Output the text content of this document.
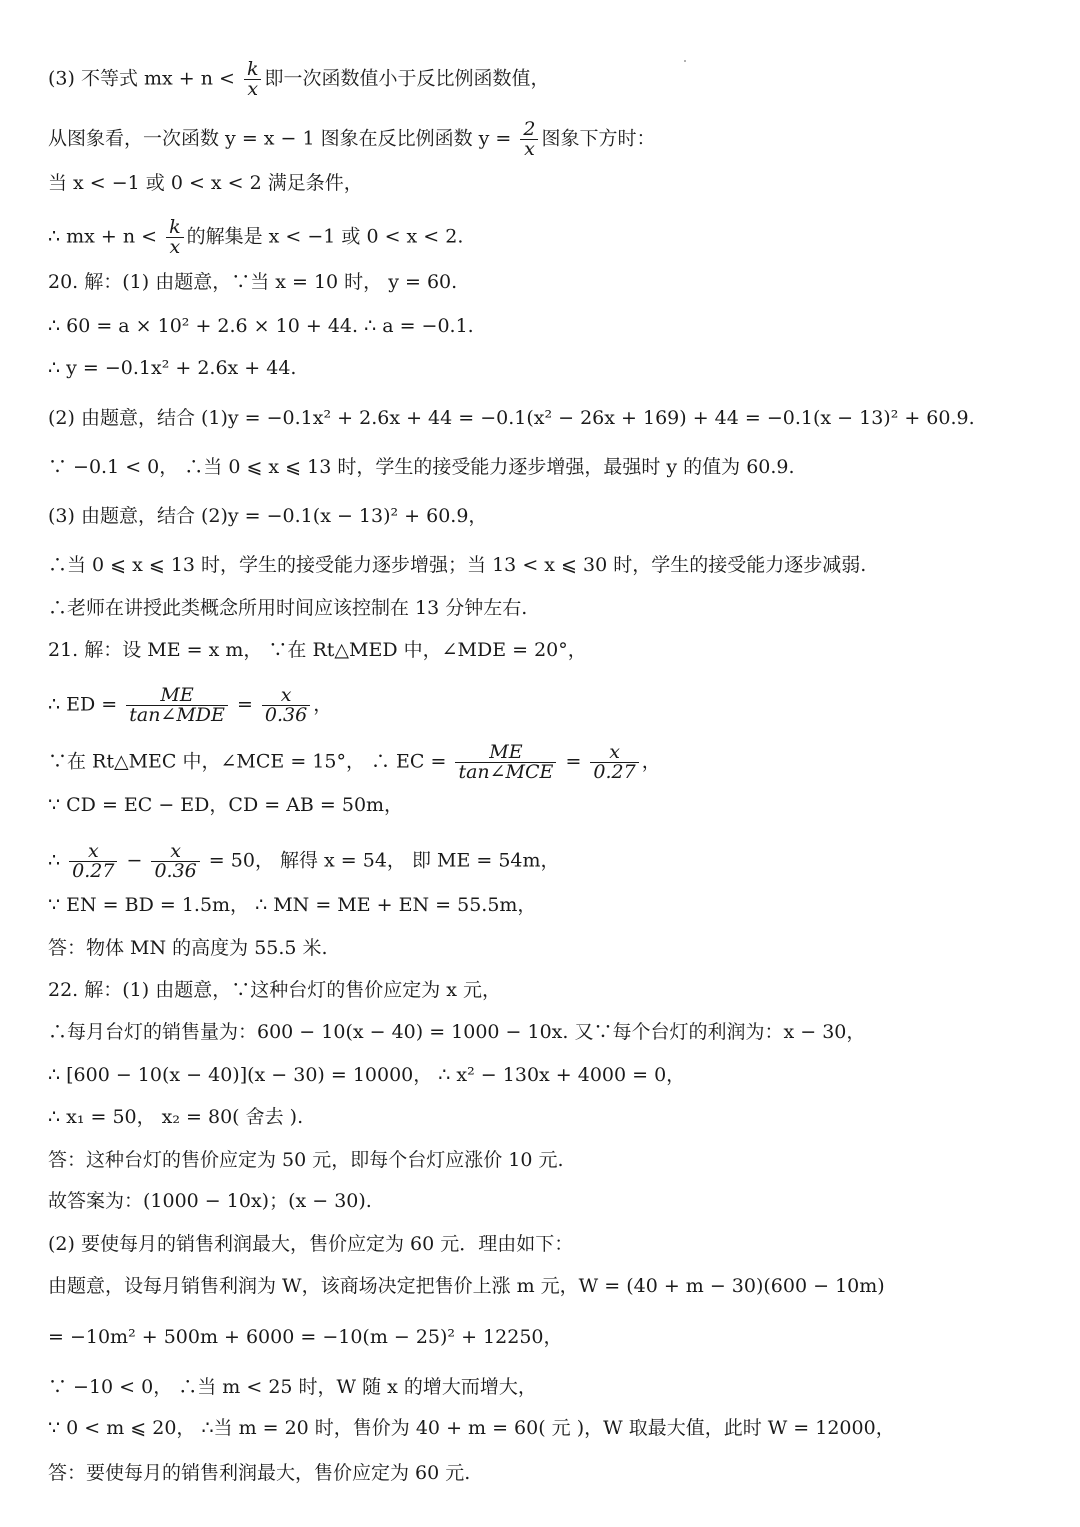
(3) 不等式 mx + $n < \frac{k}{x}$ 即一次函数值小于反比例函数值，
从图象看，一次函数 y = x − 1 图象在反比例函数 $y = \frac{2}{x}$ 图象下方时：
当 x < −1 或 0 < x < 2 满足条件，
∴ mx + $n < \frac{k}{x}$ 的解集是 x < −1 或 0 < x < 2.
20. 解：(1) 由题意，∵当 x = 10 时， y = 60.
∴ 60 = a × 10² + 2.6 × 10 + 44. ∴ a = −0.1.
∴ y = −0.1x² + 2.6x + 44.
(2) 由题意，结合 (1)y = −0.1x² + 2.6x + 44 = −0.1(x² − 26x + 169) + 44 = −0.1(x − 13)² + 60.9.
∵ −0.1 < 0， ∴当 0 ⩽ x ⩽ 13 时，学生的接受能力逐步增强，最强时 y 的值为 60.9.
(3) 由题意，结合 (2)y = −0.1(x − 13)² + 60.9，
∴当 0 ⩽ x ⩽ 13 时，学生的接受能力逐步增强；当 13 < x ⩽ 30 时，学生的接受能力逐步减弱.
∴老师在讲授此类概念所用时间应该控制在 13 分钟左右.
21. 解：设 ME = x m， ∵在 Rt△MED 中，∠MDE = 20°，
∴ ED = $\frac{ME}{\text{tan∠MDE}} = \frac{x}{0.36}$ ，
∵在 Rt△MEC 中，∠MCE = 15°， ∴ EC = $\frac{ME}{\text{tan∠MCE}} = \frac{x}{0.27}$ ，
∵ CD = EC − ED，CD = AB = 50m，
∴ $\frac{x}{0.27} - \frac{x}{0.36} = 50$， 解得 x = 54， 即 ME = 54m，
∵ EN = BD = 1.5m， ∴ MN = ME + EN = 55.5m，
答：物体 MN 的高度为 55.5 米.
22. 解：(1) 由题意，∵这种台灯的售价应定为 x 元，
∴每月台灯的销售量为：600 − 10(x − 40) = 1000 − 10x. 又∵每个台灯的利润为：x − 30，
∴ [600 − 10(x − 40)](x − 30) = 10000， ∴ x² − 130x + 4000 = 0，
∴ x₁ = 50， x₂ = 80( 舍去 ).
答：这种台灯的售价应定为 50 元，即每个台灯应涨价 10 元.
故答案为：(1000 − 10x)；(x − 30).
(2) 要使每月的销售利润最大，售价应定为 60 元．理由如下：
由题意，设每月销售利润为 W，该商场决定把售价上涨 m 元，W = (40 + m − 30)(600 − 10m)
= −10m² + 500m + 6000 = −10(m − 25)² + 12250，
∵ −10 < 0， ∴当 m < 25 时，W 随 x 的增大而增大，
∵ 0 < m ⩽ 20， ∴当 m = 20 时，售价为 40 + m = 60( 元 )，W 取最大值，此时 W = 12000，
答：要使每月的销售利润最大，售价应定为 60 元.
